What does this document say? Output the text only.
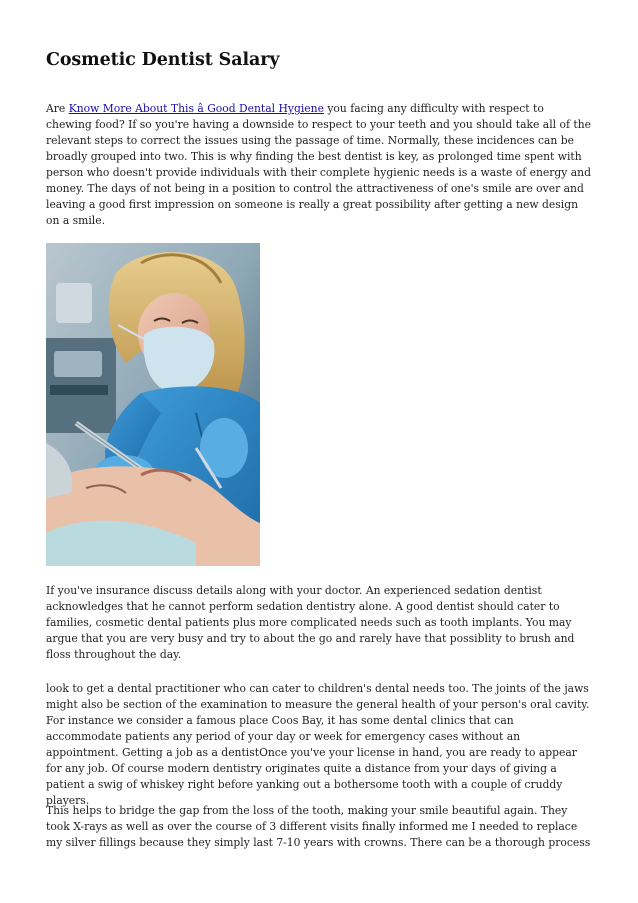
Cosmetic Dentist Salary

Are Know More About This â Good Dental Hygiene you facing any difficulty with respect to chewing food? If so you're having a downside to respect to your teeth and you should take all of the relevant steps to correct the issues using the passage of time. Normally, these incidences can be broadly grouped into two. This is why finding the best dentist is key, as prolonged time spent with person who doesn't provide individuals with their complete hygienic needs is a waste of energy and money. The days of not being in a position to control the attractiveness of one's smile are over and leaving a good first impression on someone is really a great possibility after getting a new design on a smile.

If you've insurance discuss details along with your doctor. An experienced sedation dentist acknowledges that he cannot perform sedation dentistry alone. A good dentist should cater to families, cosmetic dental patients plus more complicated needs such as tooth implants. You may argue that you are very busy and try to about the go and rarely have that possiblity to brush and floss throughout the day.

look to get a dental practitioner who can cater to children's dental needs too. The joints of the jaws might also be section of the examination to measure the general health of your person's oral cavity. For instance we consider a famous place Coos Bay, it has some dental clinics that can accommodate patients any period of your day or week for emergency cases without an appointment. Getting a job as a dentistOnce you've your license in hand, you are ready to appear for any job. Of course modern dentistry originates quite a distance from your days of giving a patient a swig of whiskey right before yanking out a bothersome tooth with a couple of cruddy players.

This helps to bridge the gap from the loss of the tooth, making your smile beautiful again. They took X-rays as well as over the course of 3 different visits finally informed me I needed to replace my silver fillings because they simply last 7-10 years with crowns. There can be a thorough process
